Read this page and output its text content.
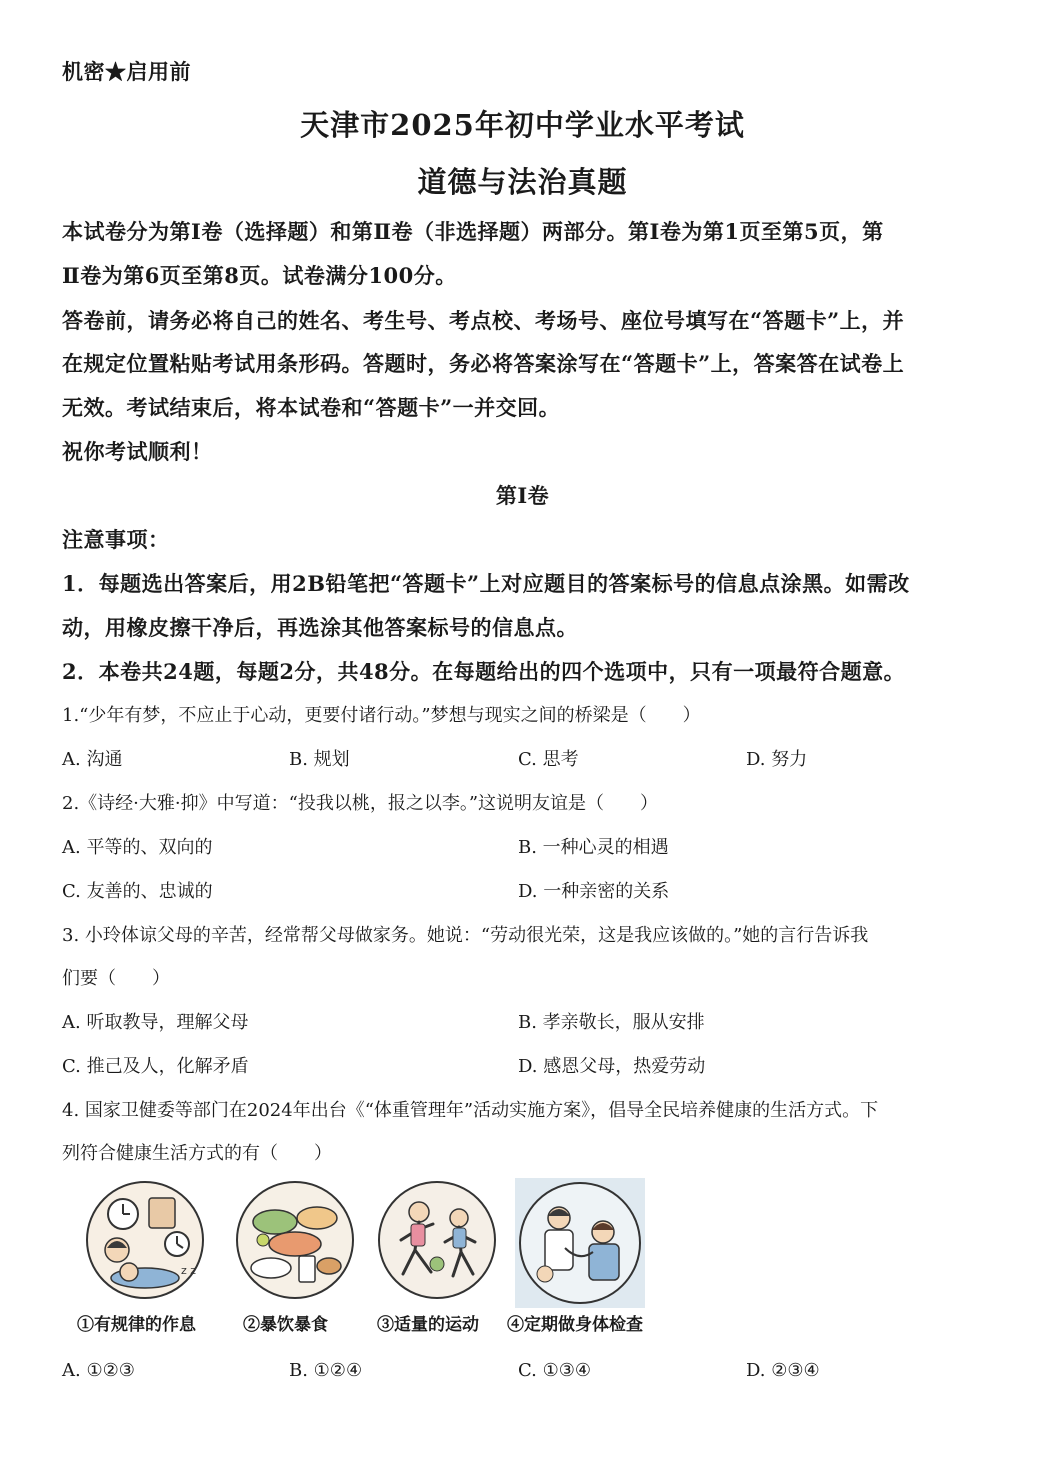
机密★启用前
天津市2025年初中学业水平考试
道德与法治真题
本试卷分为第Ⅰ卷（选择题）和第Ⅱ卷（非选择题）两部分。第Ⅰ卷为第1页至第5页，第
Ⅱ卷为第6页至第8页。试卷满分100分。
答卷前，请务必将自己的姓名、考生号、考点校、考场号、座位号填写在“答题卡”上，并
在规定位置粘贴考试用条形码。答题时，务必将答案涂写在“答题卡”上，答案答在试卷上
无效。考试结束后，将本试卷和“答题卡”一并交回。
祝你考试顺利！
第Ⅰ卷
注意事项：
1．每题选出答案后，用2B铅笔把“答题卡”上对应题目的答案标号的信息点涂黑。如需改
动，用橡皮擦干净后，再选涂其他答案标号的信息点。
2．本卷共24题，每题2分，共48分。在每题给出的四个选项中，只有一项最符合题意。
1.“少年有梦，不应止于心动，更要付诸行动。”梦想与现实之间的桥梁是（　　）
A. 沟通	B. 规划	C. 思考	D. 努力
2.《诗经·大雅·抑》中写道：“投我以桃，报之以李。”这说明友谊是（　　）
A. 平等的、双向的	B. 一种心灵的相遇
C. 友善的、忠诚的	D. 一种亲密的关系
3. 小玲体谅父母的辛苦，经常帮父母做家务。她说：“劳动很光荣，这是我应该做的。”她的言行告诉我
们要（　　）
A. 听取教导，理解父母	B. 孝亲敬长，服从安排
C. 推己及人，化解矛盾	D. 感恩父母，热爱劳动
4. 国家卫健委等部门在2024年出台《“体重管理年”活动实施方案》，倡导全民培养健康的生活方式。下
列符合健康生活方式的有（　　）
z z
①有规律的作息	②暴饮暴食	③适量的运动 ④定期做身体检查
A. ①②③	B. ①②④	C. ①③④	D. ②③④
